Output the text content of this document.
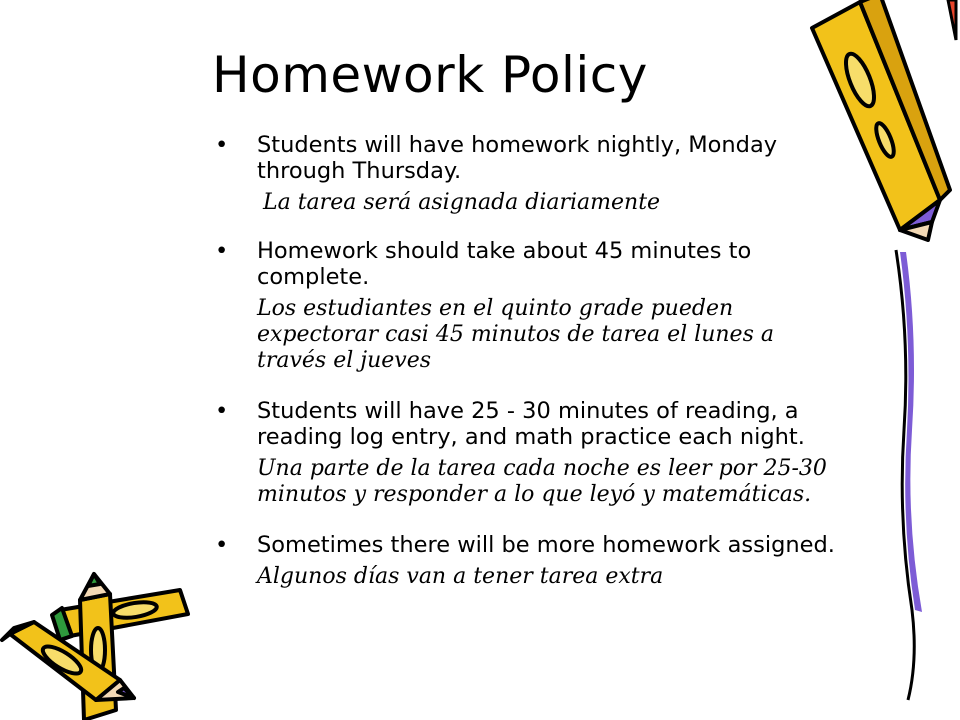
Homework Policy
• Students will have homework nightly, Monday through Thursday.
La tarea será asignada diariamente
• Homework should take about 45 minutes to complete.
Los estudiantes en el quinto grade pueden expectorar casi 45 minutos de tarea el lunes a través el jueves
• Students will have 25 - 30 minutes of reading, a reading log entry, and math practice each night.
Una parte de la tarea cada noche es leer por 25-30 minutos y responder a lo que leyó y matemáticas.
• Sometimes there will be more homework assigned.
Algunos días van a tener tarea extra
